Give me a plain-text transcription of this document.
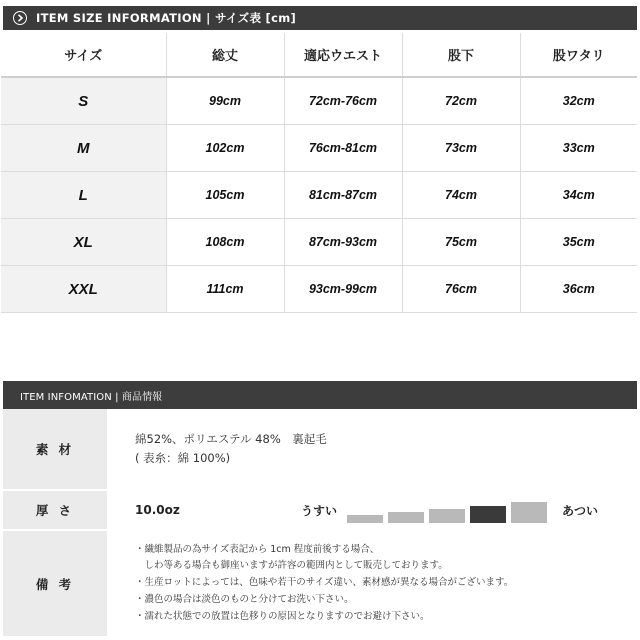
ITEM SIZE INFORMATION | サイズ表 [cm]
サイズ	総丈	適応ウエスト	股下	股ワタリ
S	99cm	72cm-76cm	72cm	32cm
M	102cm	76cm-81cm	73cm	33cm
L	105cm	81cm-87cm	74cm	34cm
XL	108cm	87cm-93cm	75cm	35cm
XXL	111cm	93cm-99cm	76cm	36cm
ITEM INFOMATION | 商品情報
素 材
綿52%、ポリエステル 48%　裏起毛
( 表糸：綿 100%)
厚 さ	10.0oz	うすい	あつい
備 考
・繊維製品の為サイズ表記から 1cm 程度前後する場合、
　しわ等ある場合も御座いますが許容の範囲内として販売しております。
・生産ロットによっては、色味や若干のサイズ違い、素材感が異なる場合がございます。
・濃色の場合は淡色のものと分けてお洗い下さい。
・濡れた状態での放置は色移りの原因となりますのでお避け下さい。
